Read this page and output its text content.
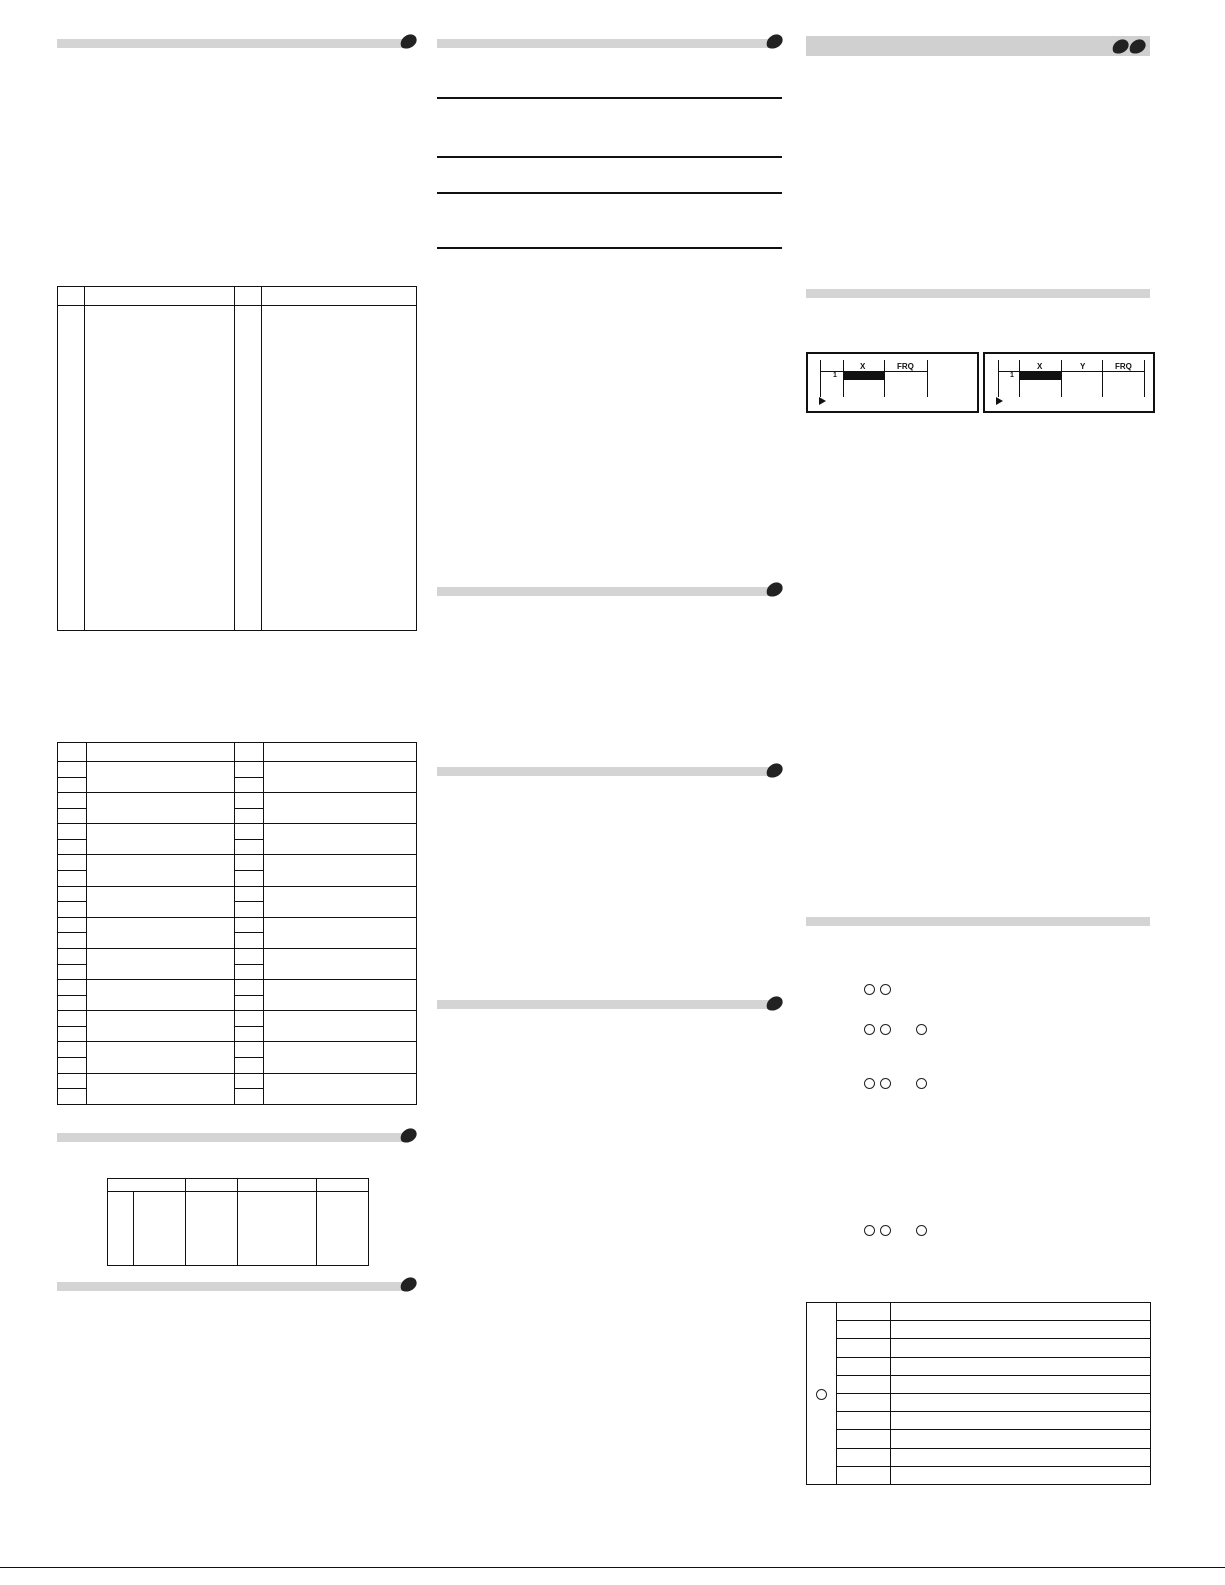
X	FRQ
1
X	Y	FRQ
1
